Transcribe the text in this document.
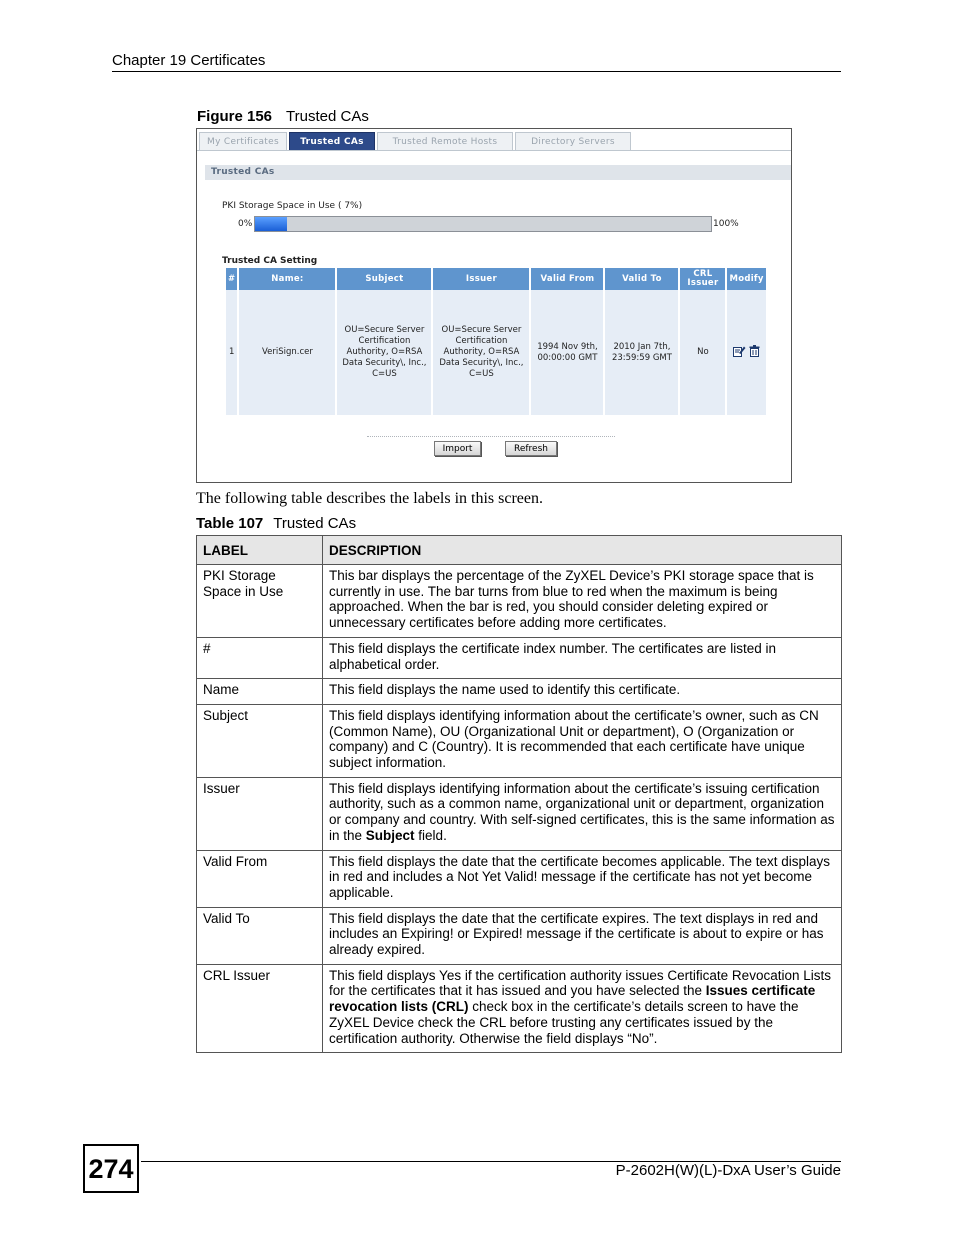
Chapter 19 Certificates
Figure 156 Trusted CAs
My Certificates	Trusted CAs	Trusted Remote Hosts	Directory Servers
Trusted CAs
PKI Storage Space in Use ( 7%)
0%	100%
Trusted CA Setting
#	Name:	Subject	Issuer	Valid From	Valid To	CRL Issuer	Modify
1	VeriSign.cer	OU=Secure Server Certification Authority, O=RSA Data Security\, Inc., C=US	OU=Secure Server Certification Authority, O=RSA Data Security\, Inc., C=US	1994 Nov 9th, 00:00:00 GMT	2010 Jan 7th, 23:59:59 GMT	No	
Import	Refresh
The following table describes the labels in this screen.
Table 107 Trusted CAs
LABEL	DESCRIPTION
PKI Storage Space in Use	This bar displays the percentage of the ZyXEL Device’s PKI storage space that is currently in use. The bar turns from blue to red when the maximum is being approached. When the bar is red, you should consider deleting expired or unnecessary certificates before adding more certificates.
#	This field displays the certificate index number. The certificates are listed in alphabetical order.
Name	This field displays the name used to identify this certificate.
Subject	This field displays identifying information about the certificate’s owner, such as CN (Common Name), OU (Organizational Unit or department), O (Organization or company) and C (Country). It is recommended that each certificate have unique subject information.
Issuer	This field displays identifying information about the certificate’s issuing certification authority, such as a common name, organizational unit or department, organization or company and country. With self-signed certificates, this is the same information as in the Subject field.
Valid From	This field displays the date that the certificate becomes applicable. The text displays in red and includes a Not Yet Valid! message if the certificate has not yet become applicable.
Valid To	This field displays the date that the certificate expires. The text displays in red and includes an Expiring! or Expired! message if the certificate is about to expire or has already expired.
CRL Issuer	This field displays Yes if the certification authority issues Certificate Revocation Lists for the certificates that it has issued and you have selected the Issues certificate revocation lists (CRL) check box in the certificate’s details screen to have the ZyXEL Device check the CRL before trusting any certificates issued by the certification authority. Otherwise the field displays “No”.
274	P-2602H(W)(L)-DxA User’s Guide
